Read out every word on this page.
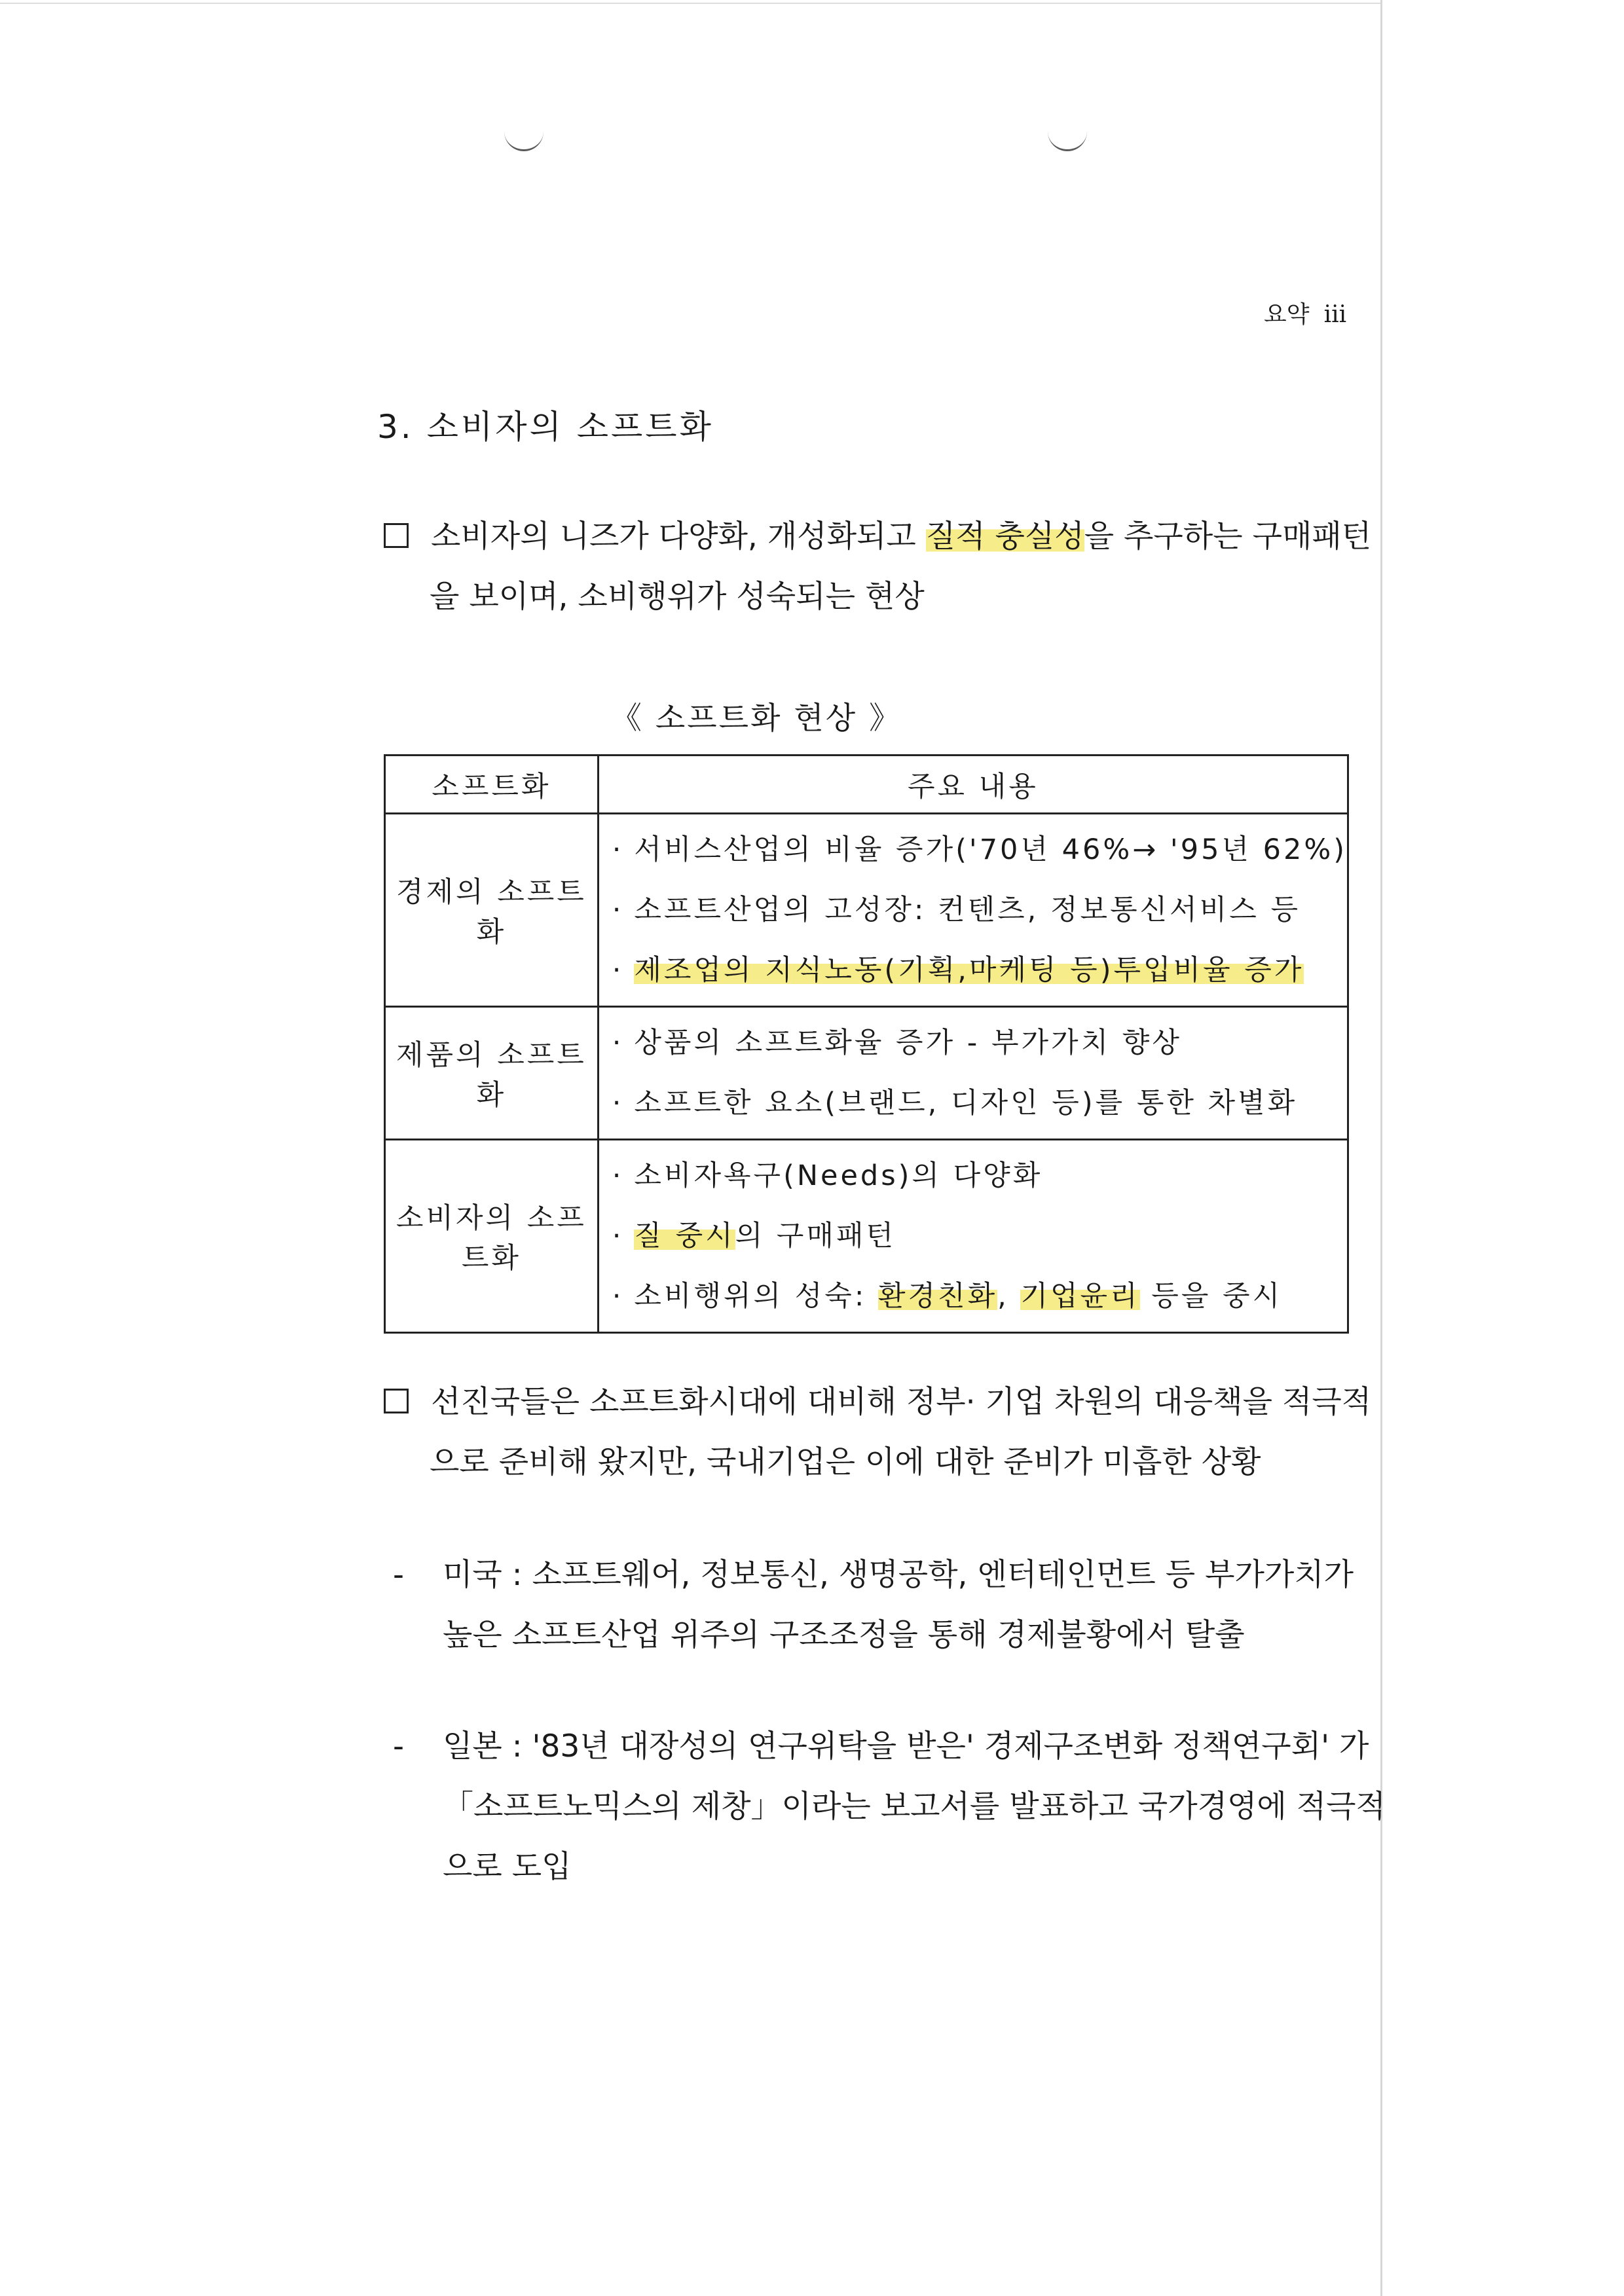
요약 iii
3. 소비자의 소프트화
소비자의 니즈가 다양화, 개성화되고 질적 충실성을 추구하는 구매패턴
을 보이며, 소비행위가 성숙되는 현상
《 소프트화 현상 》
소프트화	주요 내용
경제의 소프트화	· 서비스산업의 비율 증가('70년 46%→ '95년 62%)
· 소프트산업의 고성장: 컨텐츠, 정보통신서비스 등
· 제조업의 지식노동(기획,마케팅 등)투입비율 증가

제품의 소프트화	· 상품의 소프트화율 증가 - 부가가치 향상
· 소프트한 요소(브랜드, 디자인 등)를 통한 차별화

소비자의 소프트화	· 소비자욕구(Needs)의 다양화
· 질 중시의 구매패턴
· 소비행위의 성숙: 환경친화, 기업윤리 등을 중시
선진국들은 소프트화시대에 대비해 정부· 기업 차원의 대응책을 적극적
으로 준비해 왔지만, 국내기업은 이에 대한 준비가 미흡한 상황
- 미국 : 소프트웨어, 정보통신, 생명공학, 엔터테인먼트 등 부가가치가
높은 소프트산업 위주의 구조조정을 통해 경제불황에서 탈출
- 일본 : '83년 대장성의 연구위탁을 받은' 경제구조변화 정책연구회' 가
「소프트노믹스의 제창」이라는 보고서를 발표하고 국가경영에 적극적
으로 도입
